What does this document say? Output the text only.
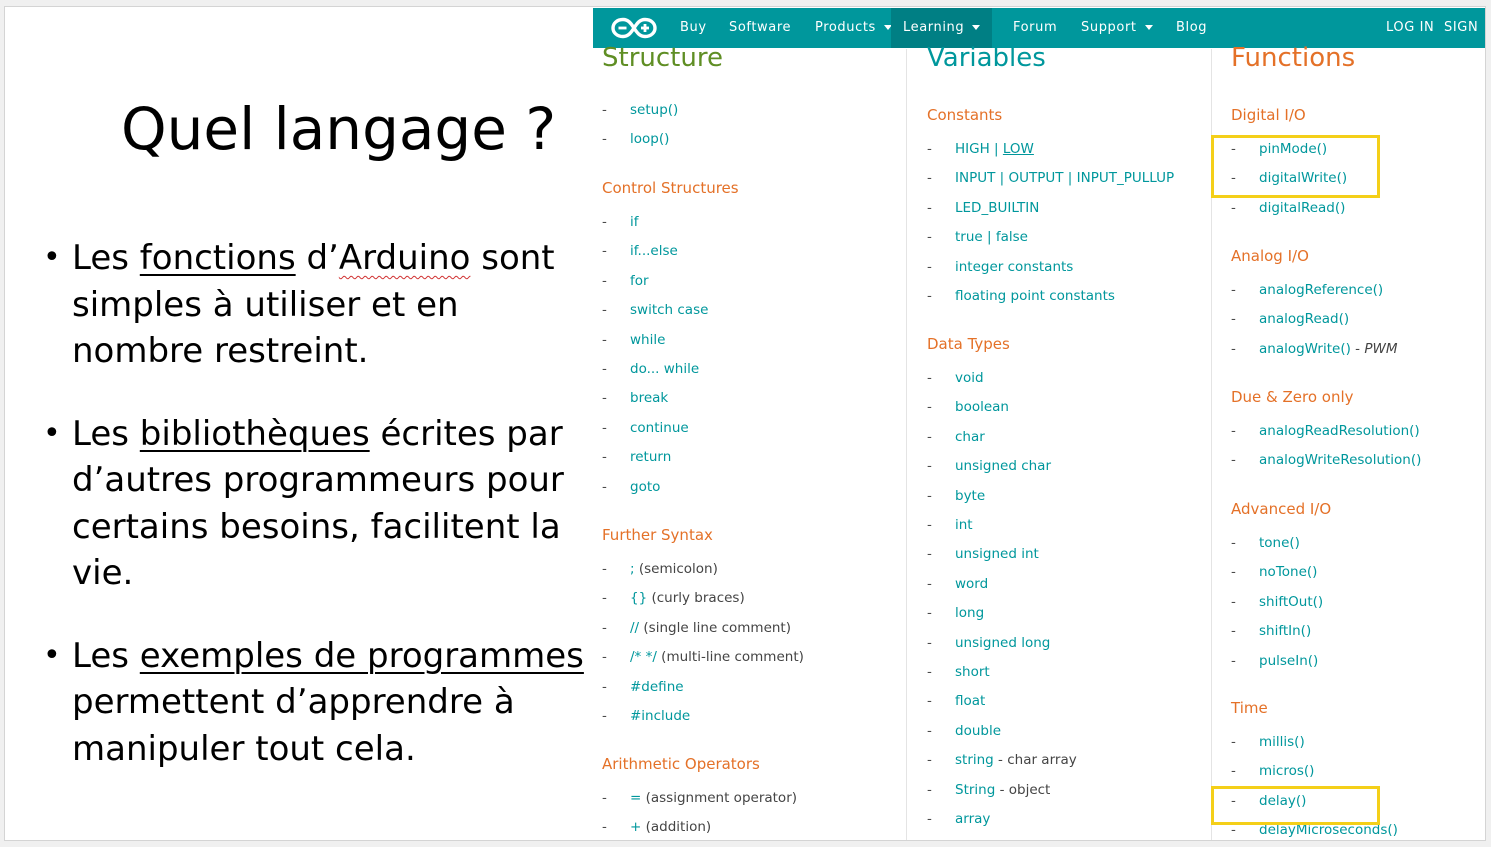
Quel langage ?
• Les fonctions d’Arduino sont simples à utiliser et en nombre restreint.
• Les bibliothèques écrites par d’autres programmeurs pour certains besoins, facilitent la vie.
• Les exemples de programmes permettent d’apprendre à manipuler tout cela.
SIGN
LOG IN
Buy Software Products	Learning	Forum Support	Blog
Structure
- setup()
- loop()
Control Structures
- if
- if...else
- for
- switch case
- while
- do... while
- break
- continue
- return
- goto
Further Syntax
- ; (semicolon)
- {} (curly braces)
- // (single line comment)
- /* */ (multi-line comment)
- #define
- #include
Arithmetic Operators
- = (assignment operator)
- + (addition)
Variables
Constants
- HIGH | LOW
- INPUT | OUTPUT | INPUT_PULLUP
- LED_BUILTIN
- true | false
- integer constants
- floating point constants
Data Types
- void
- boolean
- char
- unsigned char
- byte
- int
- unsigned int
- word
- long
- unsigned long
- short
- float
- double
- string - char array
- String - object
- array
Functions
Digital I/O
- pinMode()
- digitalWrite()
- digitalRead()
Analog I/O
- analogReference()
- analogRead()
- analogWrite() - PWM
Due & Zero only
- analogReadResolution()
- analogWriteResolution()
Advanced I/O
- tone()
- noTone()
- shiftOut()
- shiftIn()
- pulseIn()
Time
- millis()
- micros()
- delay()
- delayMicroseconds()
